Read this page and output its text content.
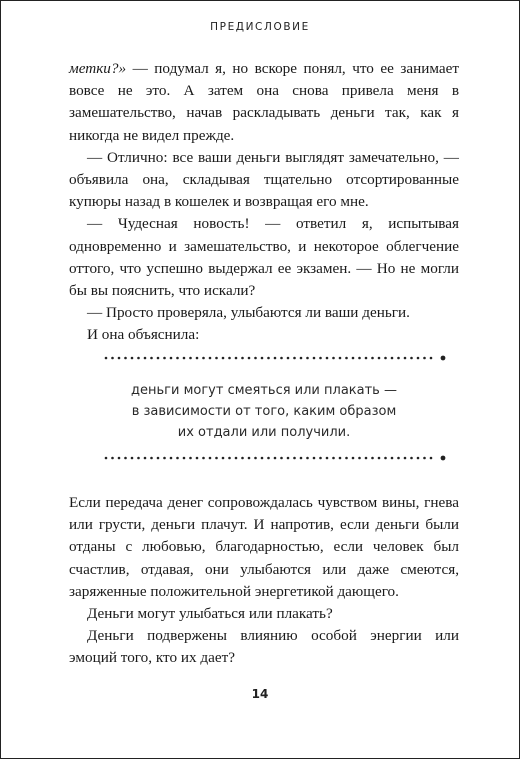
ПРЕДИСЛОВИЕ

метки?» — подумал я, но вскоре понял, что ее занимает вовсе не это. А затем она снова привела меня в замешательство, начав раскладывать деньги так, как я никогда не видел прежде.

— Отлично: все ваши деньги выглядят замечательно, — объявила она, складывая тщательно отсортированные купюры назад в кошелек и возвращая его мне.

— Чудесная новость! — ответил я, испытывая одновременно и замешательство, и некоторое облегчение оттого, что успешно выдержал ее экзамен. — Но не могли бы вы пояснить, что искали?

— Просто проверяла, улыбаются ли ваши деньги.

И она объяснила:

деньги могут смеяться или плакать —
в зависимости от того, каким образом
их отдали или получили.

Если передача денег сопровождалась чувством вины, гнева или грусти, деньги плачут. И напротив, если деньги были отданы с любовью, благодарностью, если человек был счастлив, отдавая, они улыбаются или даже смеются, заряженные положительной энергетикой дающего.

Деньги могут улыбаться или плакать?

Деньги подвержены влиянию особой энергии или эмоций того, кто их дает?

14
